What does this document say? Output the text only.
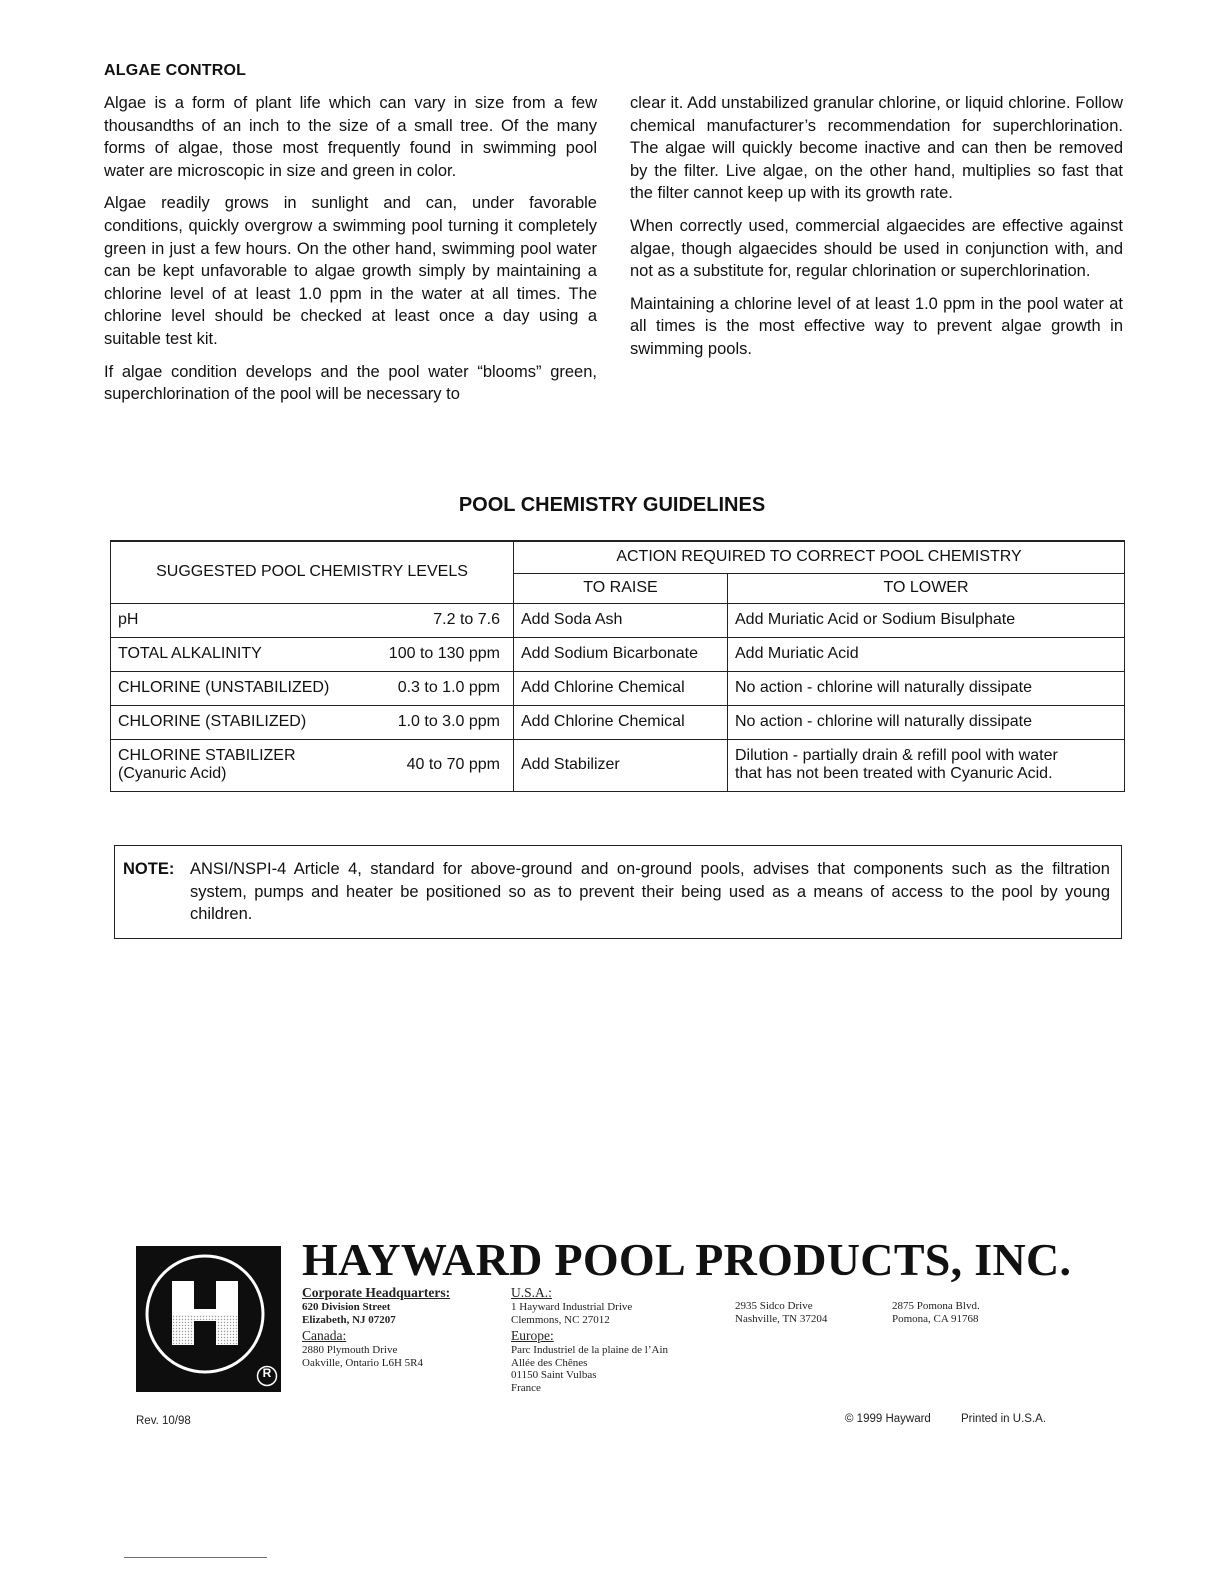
ALGAE CONTROL

Algae is a form of plant life which can vary in size from a few thousandths of an inch to the size of a small tree. Of the many forms of algae, those most frequently found in swimming pool water are microscopic in size and green in color.

Algae readily grows in sunlight and can, under favorable conditions, quickly overgrow a swimming pool turning it completely green in just a few hours. On the other hand, swimming pool water can be kept unfavorable to algae growth simply by maintaining a chlorine level of at least 1.0 ppm in the water at all times. The chlorine level should be checked at least once a day using a suitable test kit.

If algae condition develops and the pool water “blooms” green, superchlorination of the pool will be necessary to

clear it. Add unstabilized granular chlorine, or liquid chlorine. Follow chemical manufacturer’s recommendation for superchlorination. The algae will quickly become inactive and can then be removed by the filter. Live algae, on the other hand, multiplies so fast that the filter cannot keep up with its growth rate.

When correctly used, commercial algaecides are effective against algae, though algaecides should be used in conjunction with, and not as a substitute for, regular chlorination or superchlorination.

Maintaining a chlorine level of at least 1.0 ppm in the pool water at all times is the most effective way to prevent algae growth in swimming pools.

POOL CHEMISTRY GUIDELINES
SUGGESTED POOL CHEMISTRY LEVELS	ACTION REQUIRED TO CORRECT POOL CHEMISTRY	
	TO RAISE	TO LOWER

pH 7.2 to 7.6	Add Soda Ash	Add Muriatic Acid or Sodium Bisulphate

TOTAL ALKALINITY 100 to 130 ppm	Add Sodium Bicarbonate	Add Muriatic Acid

CHLORINE (UNSTABILIZED) 0.3 to 1.0 ppm	Add Chlorine Chemical	No action - chlorine will naturally dissipate

CHLORINE (STABILIZED) 1.0 to 3.0 ppm	Add Chlorine Chemical	No action - chlorine will naturally dissipate

CHLORINE STABILIZER
(Cyanuric Acid)
40 to 70 ppm	Add Stabilizer	Dilution - partially drain & refill pool with water
that has not been treated with Cyanuric Acid.
NOTE: ANSI/NSPI-4 Article 4, standard for above-ground and on-ground pools, advises that components such as the filtration system, pumps and heater be positioned so as to prevent their being used as a means of access to the pool by young children.
R
HAYWARD POOL PRODUCTS, INC.
Corporate Headquarters:
620 Division Street
Elizabeth, NJ 07207
Canada:
2880 Plymouth Drive
Oakville, Ontario L6H 5R4
U.S.A.:
1 Hayward Industrial Drive
Clemmons, NC 27012
Europe:
Parc Industriel de la plaine de l’Ain
Allée des Chênes
01150 Saint Vulbas
France
2935 Sidco Drive
Nashville, TN 37204
2875 Pomona Blvd.
Pomona, CA 91768
Rev. 10/98	© 1999 Hayward	Printed in U.S.A.
